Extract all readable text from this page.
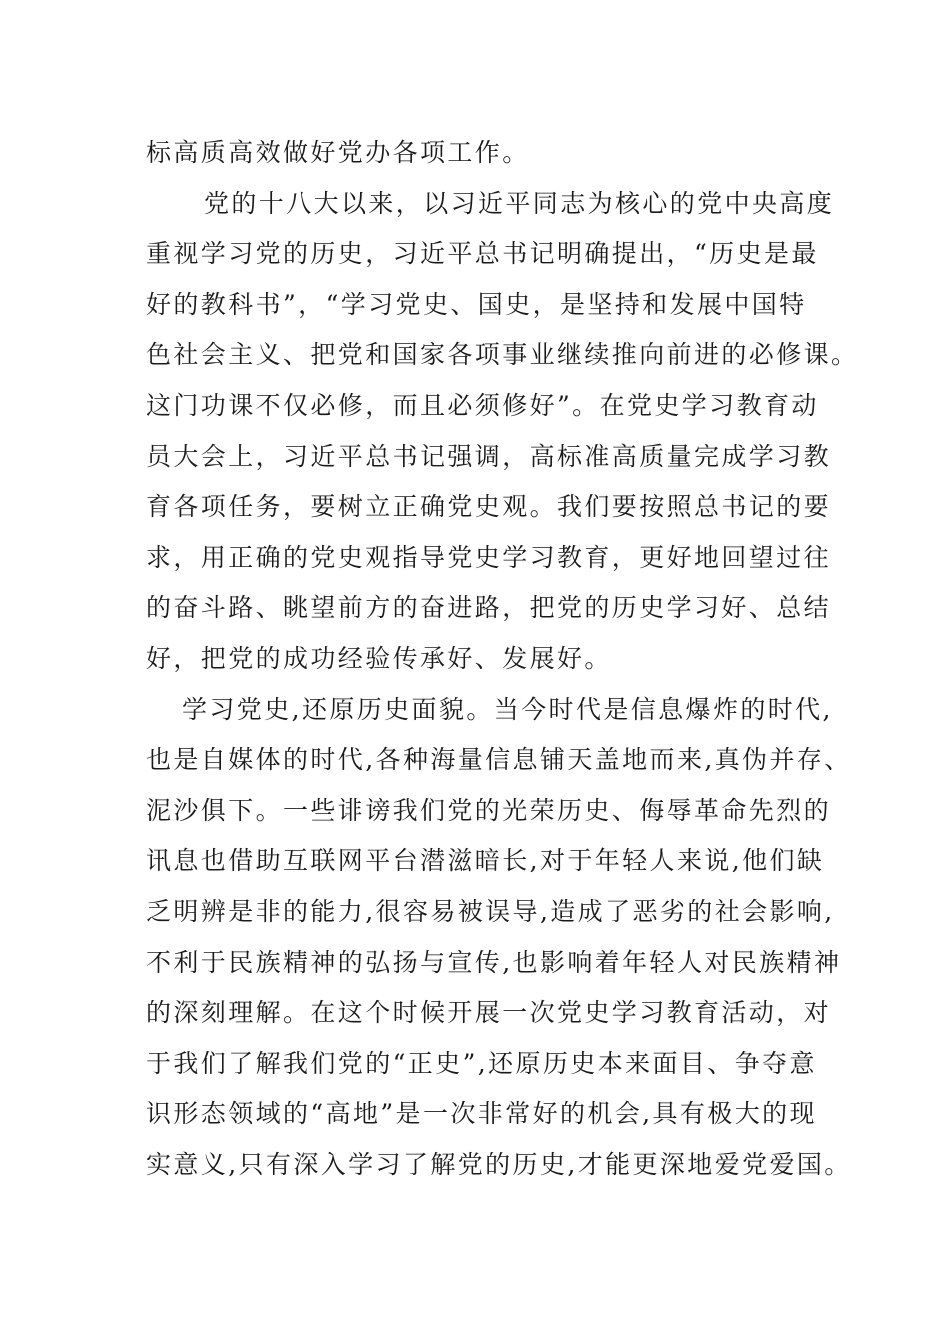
标高质高效做好党办各项工作。
党的十八大以来，以习近平同志为核心的党中央高度
重视学习党的历史，习近平总书记明确提出，“历史是最
好的教科书”，“学习党史、国史，是坚持和发展中国特
色社会主义、把党和国家各项事业继续推向前进的必修课。
这门功课不仅必修，而且必须修好”。在党史学习教育动
员大会上，习近平总书记强调，高标准高质量完成学习教
育各项任务，要树立正确党史观。我们要按照总书记的要
求，用正确的党史观指导党史学习教育，更好地回望过往
的奋斗路、眺望前方的奋进路，把党的历史学习好、总结
好，把党的成功经验传承好、发展好。
学习党史,还原历史面貌。当今时代是信息爆炸的时代,
也是自媒体的时代,各种海量信息铺天盖地而来,真伪并存、
泥沙俱下。一些诽谤我们党的光荣历史、侮辱革命先烈的
讯息也借助互联网平台潜滋暗长,对于年轻人来说,他们缺
乏明辨是非的能力,很容易被误导,造成了恶劣的社会影响,
不利于民族精神的弘扬与宣传,也影响着年轻人对民族精神
的深刻理解。在这个时候开展一次党史学习教育活动，对
于我们了解我们党的“正史”,还原历史本来面目、争夺意
识形态领域的“高地”是一次非常好的机会,具有极大的现
实意义,只有深入学习了解党的历史,才能更深地爱党爱国。
